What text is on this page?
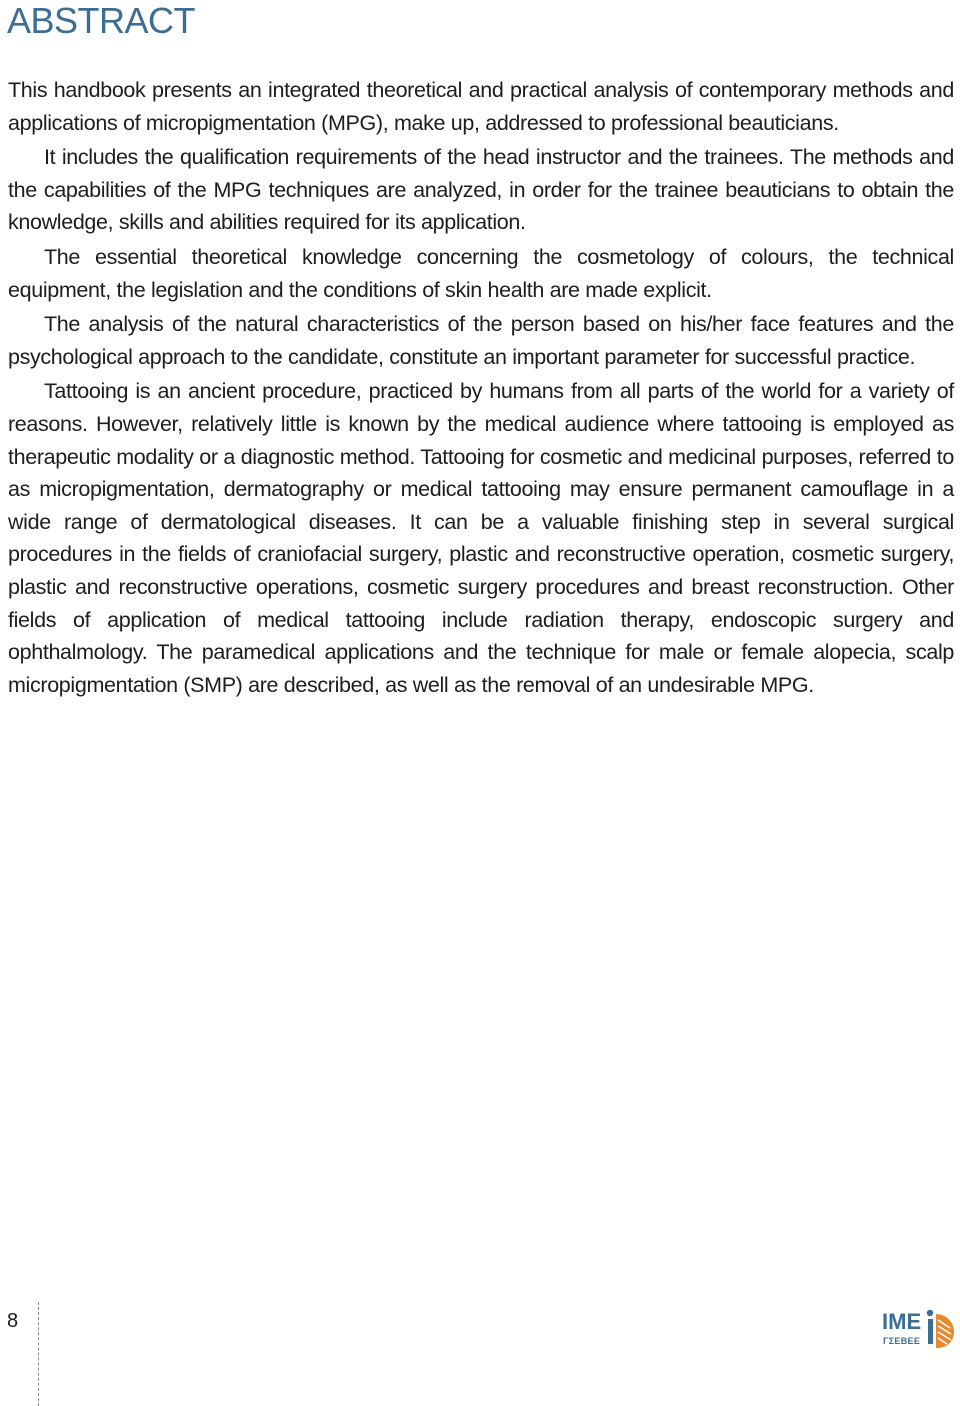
ABSTRACT

This handbook presents an integrated theoretical and practical analysis of contemporary methods and applications of micropigmentation (MPG), make up, addressed to professional beauticians.

It includes the qualification requirements of the head instructor and the trainees. The methods and the capabilities of the MPG techniques are analyzed, in order for the trainee beauticians to obtain the knowledge, skills and abilities required for its application.

The essential theoretical knowledge concerning the cosmetology of colours, the technical equipment, the legislation and the conditions of skin health are made explicit.

The analysis of the natural characteristics of the person based on his/her face features and the psychological approach to the candidate, constitute an important parameter for successful practice.

Tattooing is an ancient procedure, practiced by humans from all parts of the world for a variety of reasons. However, relatively little is known by the medical audience where tattooing is employed as therapeutic modality or a diagnostic method. Tattooing for cosmetic and medicinal purposes, referred to as micropigmentation, dermatography or medical tattooing may ensure permanent camouflage in a wide range of dermatological diseases. It can be a valuable finishing step in several surgical procedures in the fields of craniofacial surgery, plastic and reconstructive operation, cosmetic surgery, plastic and reconstructive operations, cosmetic surgery procedures and breast reconstruction. Other fields of application of medical tattooing include radiation therapy, endoscopic surgery and ophthalmology. The paramedical applications and the technique for male or female alopecia, scalp micropigmentation (SMP) are described, as well as the removal of an undesirable MPG.

8	IME
ΓΣΕΒΕΕ
